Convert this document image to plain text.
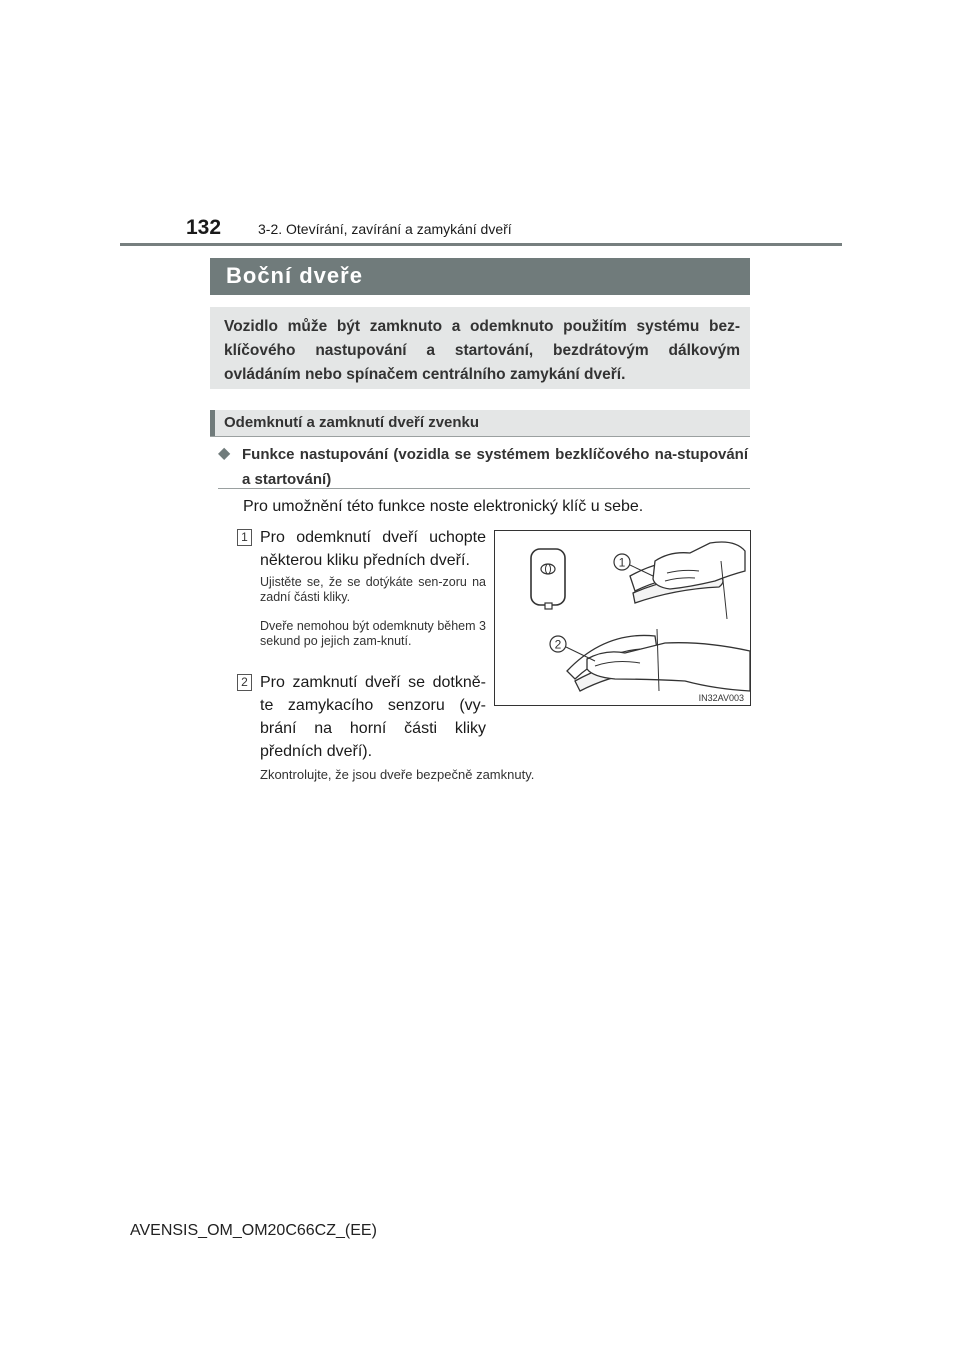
132	3-2. Otevírání, zavírání a zamykání dveří
Boční dveře
Vozidlo může být zamknuto a odemknuto použitím systému bez-klíčového nastupování a startování, bezdrátovým dálkovým ovládáním nebo spínačem centrálního zamykání dveří.
Odemknutí a zamknutí dveří zvenku
◆ Funkce nastupování (vozidla se systémem bezklíčového na-stupování a startování)
Pro umožnění této funkce noste elektronický klíč u sebe.
1 Pro odemknutí dveří uchopte některou kliku předních dveří.
Ujistěte se, že se dotýkáte sen-zoru na zadní části kliky.
Dveře nemohou být odemknuty během 3 sekund po jejich zam-knutí.
2 Pro zamknutí dveří se dotkně-te zamykacího senzoru (vy-brání na horní části kliky předních dveří).
Zkontrolujte, že jsou dveře bezpečně zamknuty.
1
2
IN32AV003
AVENSIS_OM_OM20C66CZ_(EE)
